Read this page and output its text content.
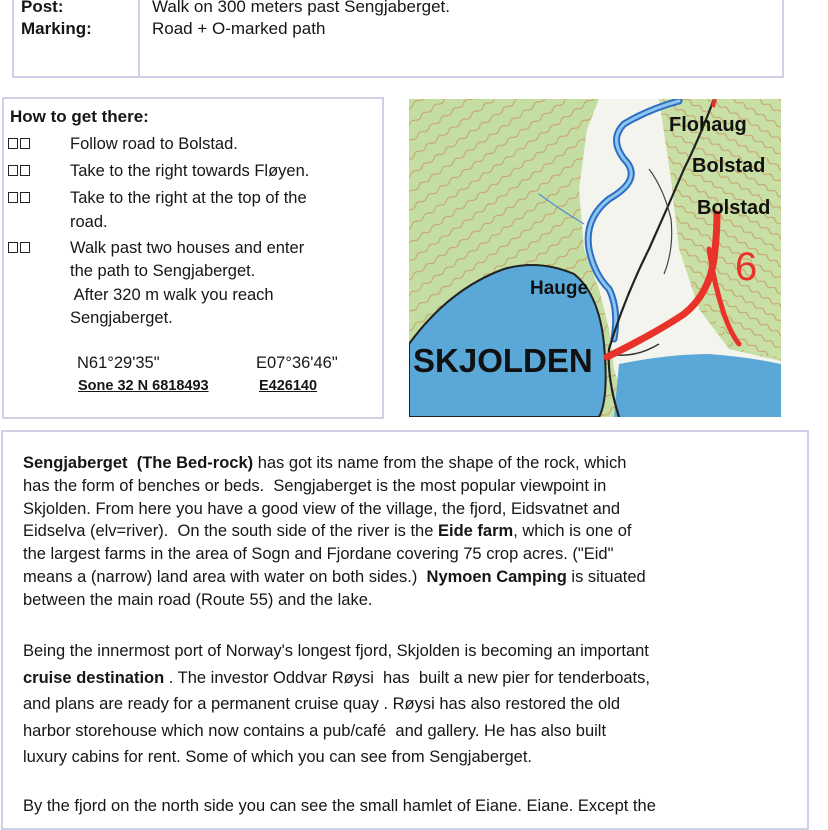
Post:	Walk on 300 meters past Sengjaberget.
Marking:	Road + O-marked path
How to get there:
Follow road to Bolstad.
Take to the right towards Fløyen.
Take to the right at the top of the
road.
Walk past two houses and enter
the path to Sengjaberget.
After 320 m walk you reach
Sengjaberget.
N61°29'35"	E07°36'46"
Sone 32 N 6818493	E426140
Flohaug
Bolstad
Bolstad
Hauge	6
SKJOLDEN
Sengjaberget  (The Bed-rock) has got its name from the shape of the rock, which
has the form of benches or beds.  Sengjaberget is the most popular viewpoint in
Skjolden. From here you have a good view of the village, the fjord, Eidsvatnet and
Eidselva (elv=river).  On the south side of the river is the Eide farm, which is one of
the largest farms in the area of Sogn and Fjordane covering 75 crop acres. ("Eid"
means a (narrow) land area with water on both sides.)  Nymoen Camping is situated
between the main road (Route 55) and the lake.
Being the innermost port of Norway's longest fjord, Skjolden is becoming an important
cruise destination . The investor Oddvar Røysi  has  built a new pier for tenderboats,
and plans are ready for a permanent cruise quay . Røysi has also restored the old
harbor storehouse which now contains a pub/café  and gallery. He has also built
luxury cabins for rent. Some of which you can see from Sengjaberget.
By the fjord on the north side you can see the small hamlet of Eiane. Eiane. Except the
